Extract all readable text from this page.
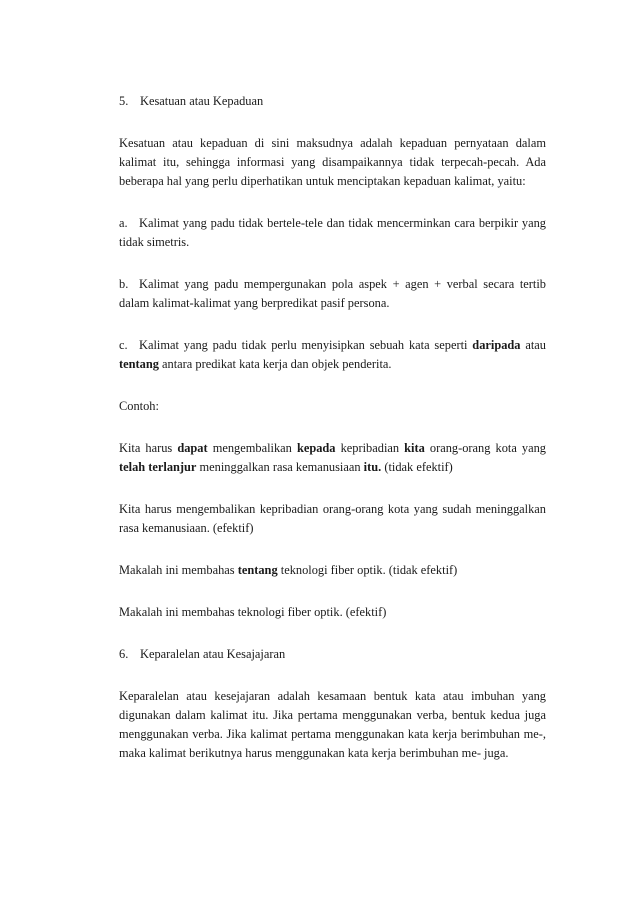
5. Kesatuan atau Kepaduan

Kesatuan atau kepaduan di sini maksudnya adalah kepaduan pernyataan dalam kalimat itu, sehingga informasi yang disampaikannya tidak terpecah-pecah. Ada beberapa hal yang perlu diperhatikan untuk menciptakan kepaduan kalimat, yaitu:

a. Kalimat yang padu tidak bertele-tele dan tidak mencerminkan cara berpikir yang tidak simetris.

b. Kalimat yang padu mempergunakan pola aspek + agen + verbal secara tertib dalam kalimat-kalimat yang berpredikat pasif persona.

c. Kalimat yang padu tidak perlu menyisipkan sebuah kata seperti daripada atau tentang antara predikat kata kerja dan objek penderita.

Contoh:

Kita harus dapat mengembalikan kepada kepribadian kita orang-orang kota yang telah terlanjur meninggalkan rasa kemanusiaan itu. (tidak efektif)

Kita harus mengembalikan kepribadian orang-orang kota yang sudah meninggalkan rasa kemanusiaan. (efektif)

Makalah ini membahas tentang teknologi fiber optik. (tidak efektif)

Makalah ini membahas teknologi fiber optik. (efektif)

6. Keparalelan atau Kesajajaran

Keparalelan atau kesejajaran adalah kesamaan bentuk kata atau imbuhan yang digunakan dalam kalimat itu. Jika pertama menggunakan verba, bentuk kedua juga menggunakan verba. Jika kalimat pertama menggunakan kata kerja berimbuhan me-, maka kalimat berikutnya harus menggunakan kata kerja berimbuhan me- juga.
